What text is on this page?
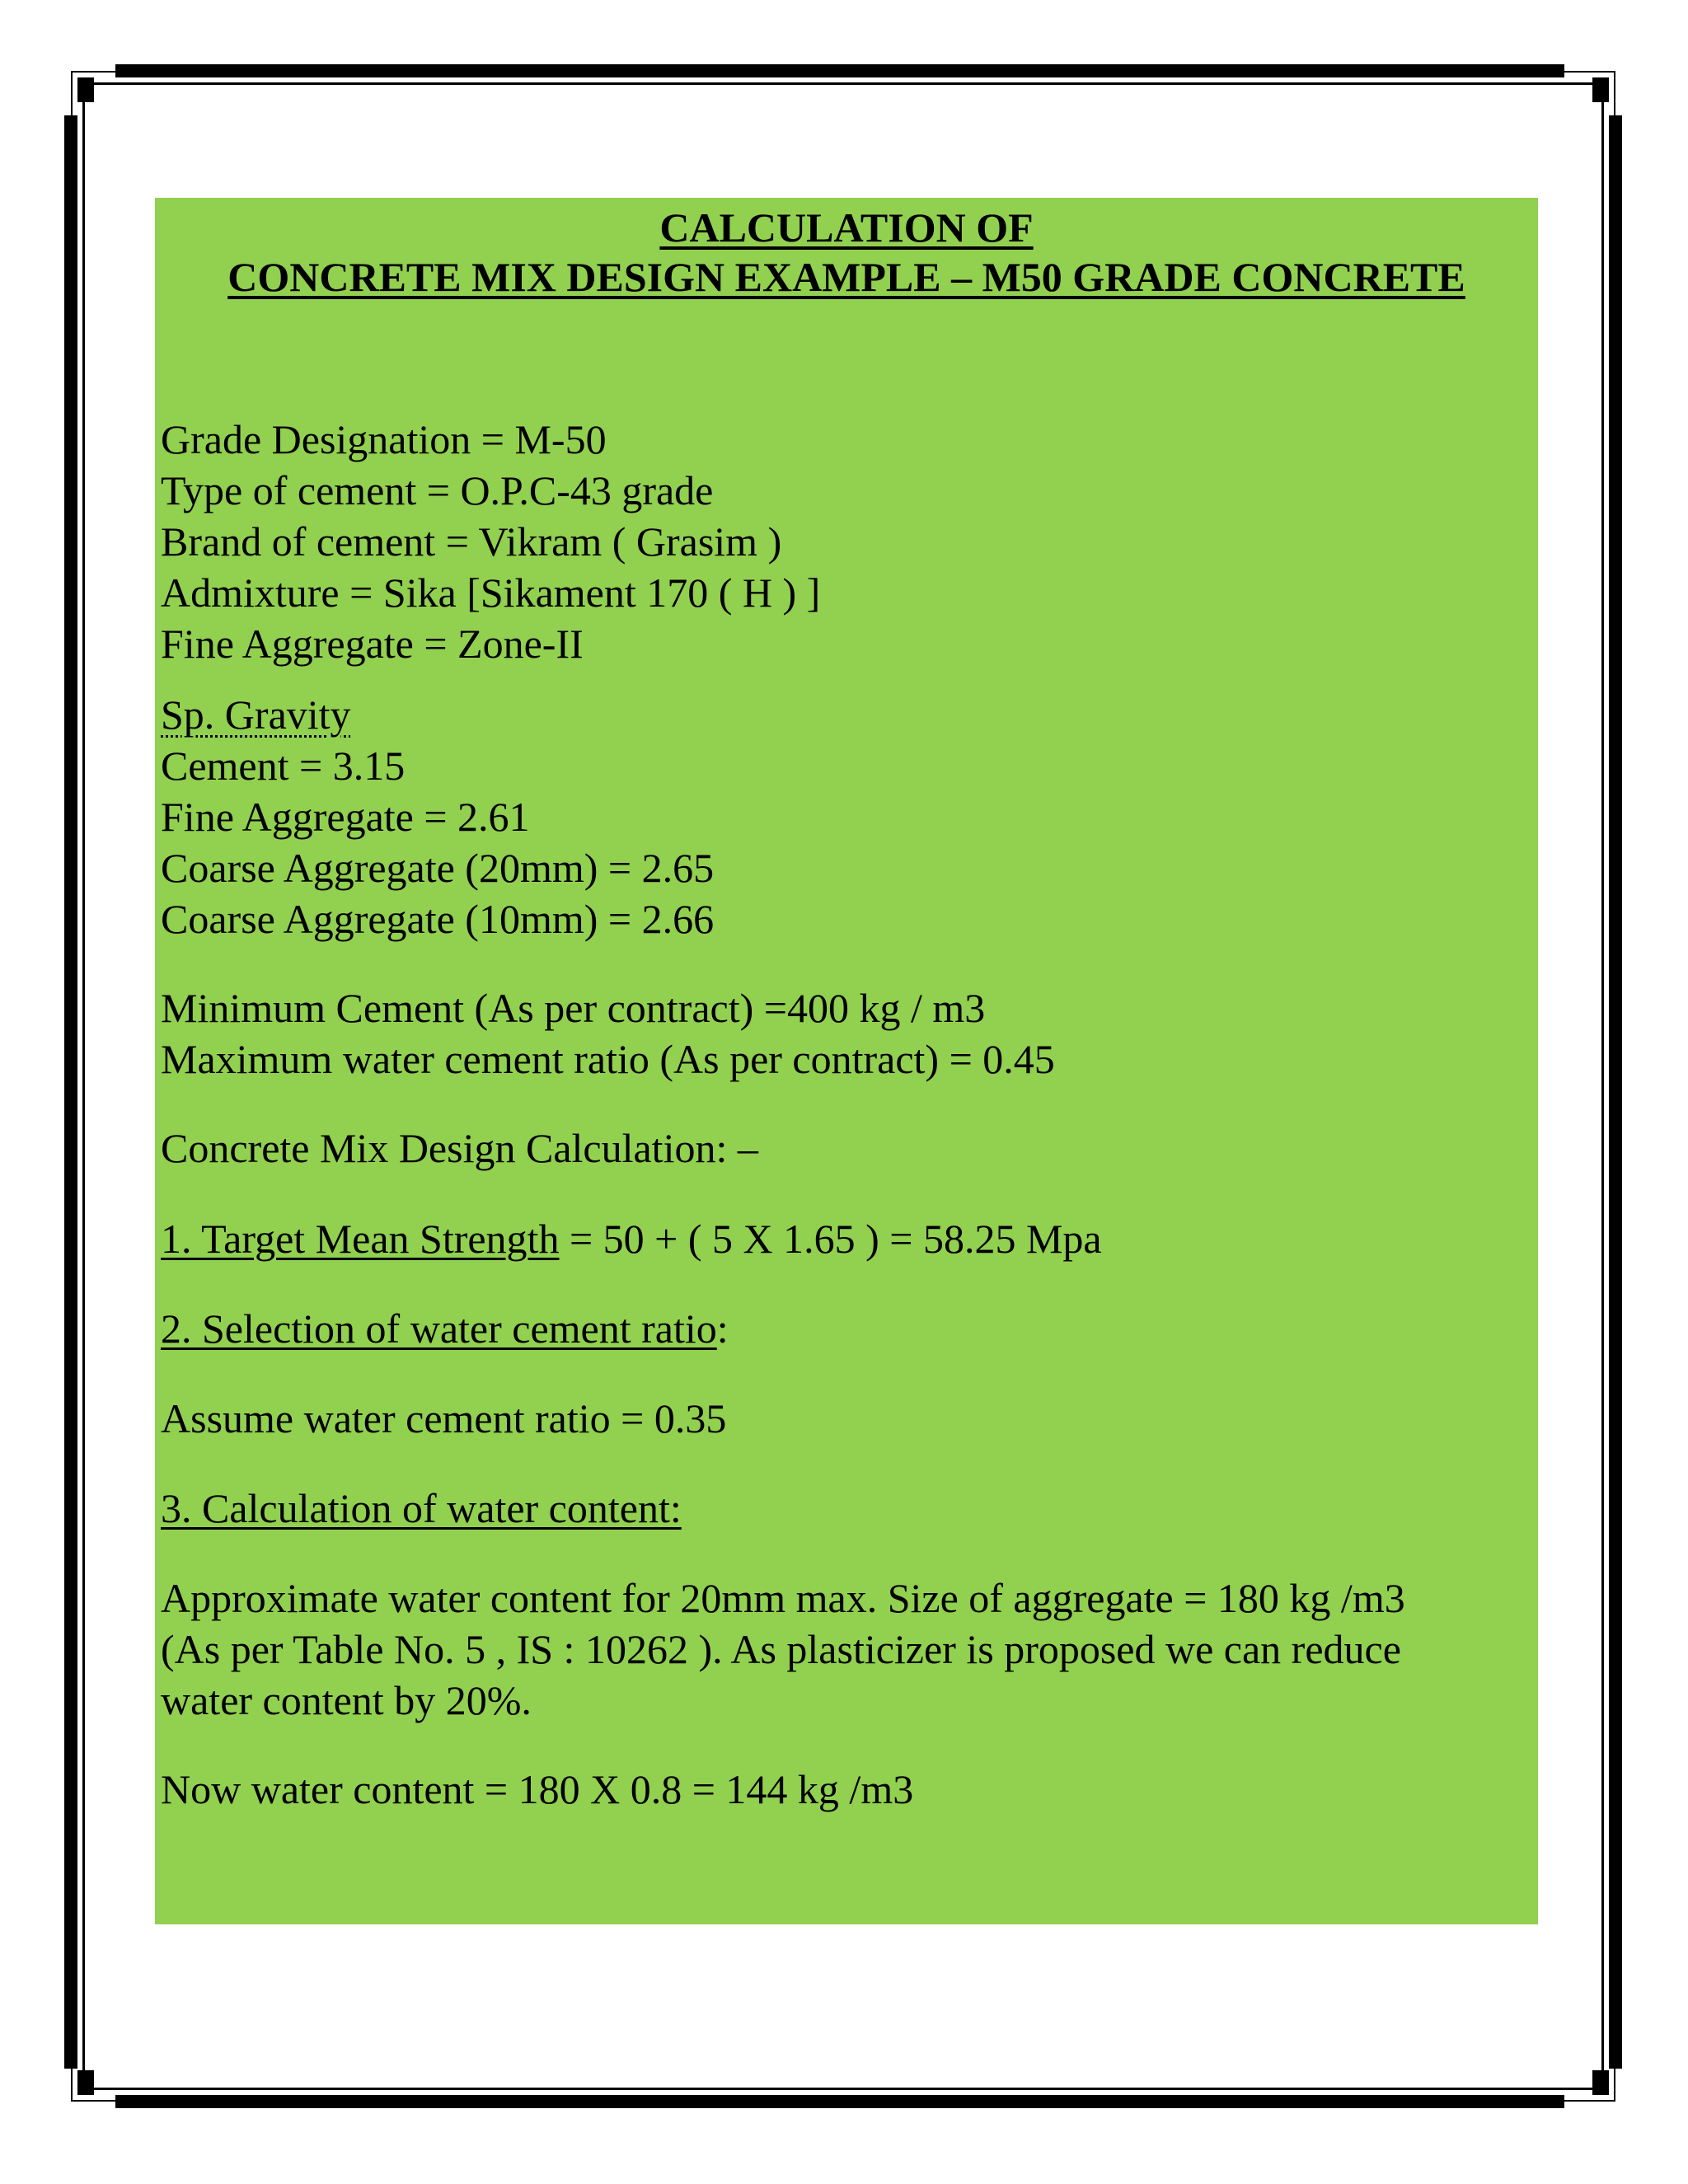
CALCULATION OF
CONCRETE MIX DESIGN EXAMPLE – M50 GRADE CONCRETE
Grade Designation = M-50
Type of cement = O.P.C-43 grade
Brand of cement = Vikram ( Grasim )
Admixture = Sika [Sikament 170 ( H ) ]
Fine Aggregate = Zone-II
Sp. Gravity
Cement = 3.15
Fine Aggregate = 2.61
Coarse Aggregate (20mm) = 2.65
Coarse Aggregate (10mm) = 2.66
Minimum Cement (As per contract) =400 kg / m3
Maximum water cement ratio (As per contract) = 0.45
Concrete Mix Design Calculation: –
1. Target Mean Strength = 50 + ( 5 X 1.65 ) = 58.25 Mpa
2. Selection of water cement ratio:
Assume water cement ratio = 0.35
3. Calculation of water content:
Approximate water content for 20mm max. Size of aggregate = 180 kg /m3
(As per Table No. 5 , IS : 10262 ). As plasticizer is proposed we can reduce
water content by 20%.
Now water content = 180 X 0.8 = 144 kg /m3
